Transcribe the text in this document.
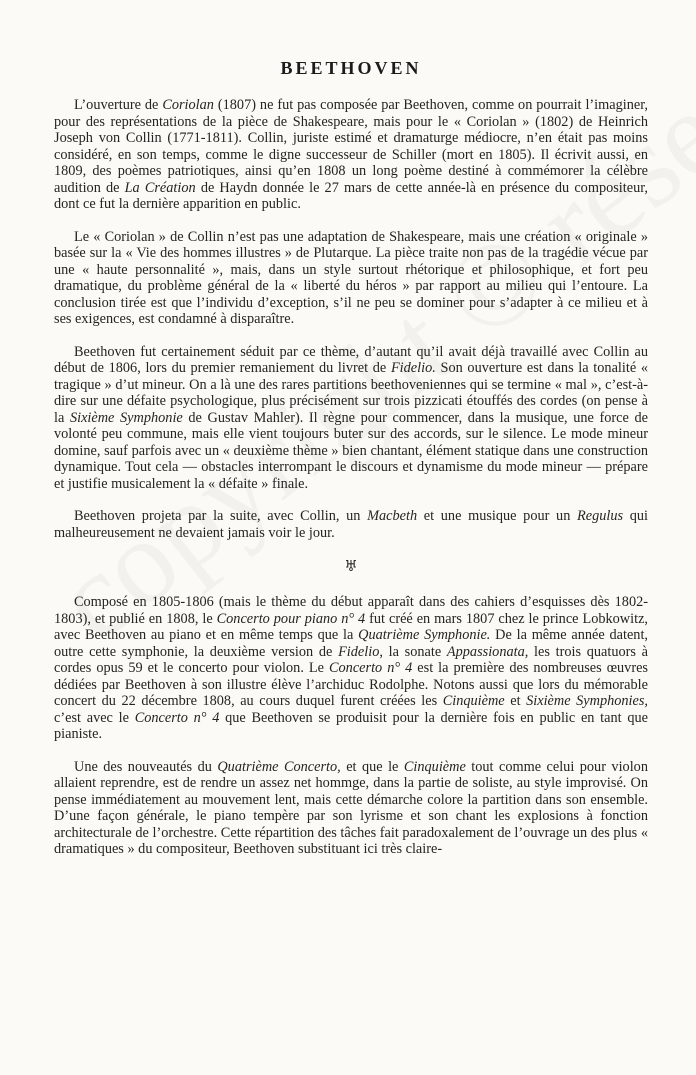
BEETHOVEN

L’ouverture de Coriolan (1807) ne fut pas composée par Beethoven, comme on pourrait l’imaginer, pour des représentations de la pièce de Shakespeare, mais pour le « Coriolan » (1802) de Heinrich Joseph von Collin (1771-1811). Collin, juriste estimé et dramaturge médiocre, n’en était pas moins considéré, en son temps, comme le digne successeur de Schiller (mort en 1805). Il écrivit aussi, en 1809, des poèmes patriotiques, ainsi qu’en 1808 un long poème destiné à commémorer la célèbre audition de La Création de Haydn donnée le 27 mars de cette année-là en présence du compositeur, dont ce fut la dernière apparition en public.

Le « Coriolan » de Collin n’est pas une adaptation de Shakespeare, mais une création « originale » basée sur la « Vie des hommes illustres » de Plutarque. La pièce traite non pas de la tragédie vécue par une « haute personnalité », mais, dans un style surtout rhétorique et philosophique, et fort peu dramatique, du problème général de la « liberté du héros » par rapport au milieu qui l’entoure. La conclusion tirée est que l’individu d’exception, s’il ne peu se dominer pour s’adapter à ce milieu et à ses exigences, est condamné à disparaître.

Beethoven fut certainement séduit par ce thème, d’autant qu’il avait déjà travaillé avec Collin au début de 1806, lors du premier remaniement du livret de Fidelio. Son ouverture est dans la tonalité « tragique » d’ut mineur. On a là une des rares partitions beethoveniennes qui se termine « mal », c’est-à-dire sur une défaite psychologique, plus précisément sur trois pizzicati étouffés des cordes (on pense à la Sixième Symphonie de Gustav Mahler). Il règne pour commencer, dans la musique, une force de volonté peu commune, mais elle vient toujours buter sur des accords, sur le silence. Le mode mineur domine, sauf parfois avec un « deuxième thème » bien chantant, élément statique dans une construction dynamique. Tout cela — obstacles interrompant le discours et dynamisme du mode mineur — prépare et justifie musicalement la « défaite » finale.

Beethoven projeta par la suite, avec Collin, un Macbeth et une musique pour un Regulus qui malheureusement ne devaient jamais voir le jour.

♅

Composé en 1805-1806 (mais le thème du début apparaît dans des cahiers d’esquisses dès 1802-1803), et publié en 1808, le Concerto pour piano n° 4 fut créé en mars 1807 chez le prince Lobkowitz, avec Beethoven au piano et en même temps que la Quatrième Symphonie. De la même année datent, outre cette symphonie, la deuxième version de Fidelio, la sonate Appassionata, les trois quatuors à cordes opus 59 et le concerto pour violon. Le Concerto n° 4 est la première des nombreuses œuvres dédiées par Beethoven à son illustre élève l’archiduc Rodolphe. Notons aussi que lors du mémorable concert du 22 décembre 1808, au cours duquel furent créées les Cinquième et Sixième Symphonies, c’est avec le Concerto n° 4 que Beethoven se produisit pour la dernière fois en public en tant que pianiste.

Une des nouveautés du Quatrième Concerto, et que le Cinquième tout comme celui pour violon allaient reprendre, est de rendre un assez net hommge, dans la partie de soliste, au style improvisé. On pense immédiatement au mouvement lent, mais cette démarche colore la partition dans son ensemble. D’une façon générale, le piano tempère par son lyrisme et son chant les explosions à fonction architecturale de l’orchestre. Cette répartition des tâches fait paradoxalement de l’ouvrage un des plus « dramatiques » du compositeur, Beethoven substituant ici très claire-
